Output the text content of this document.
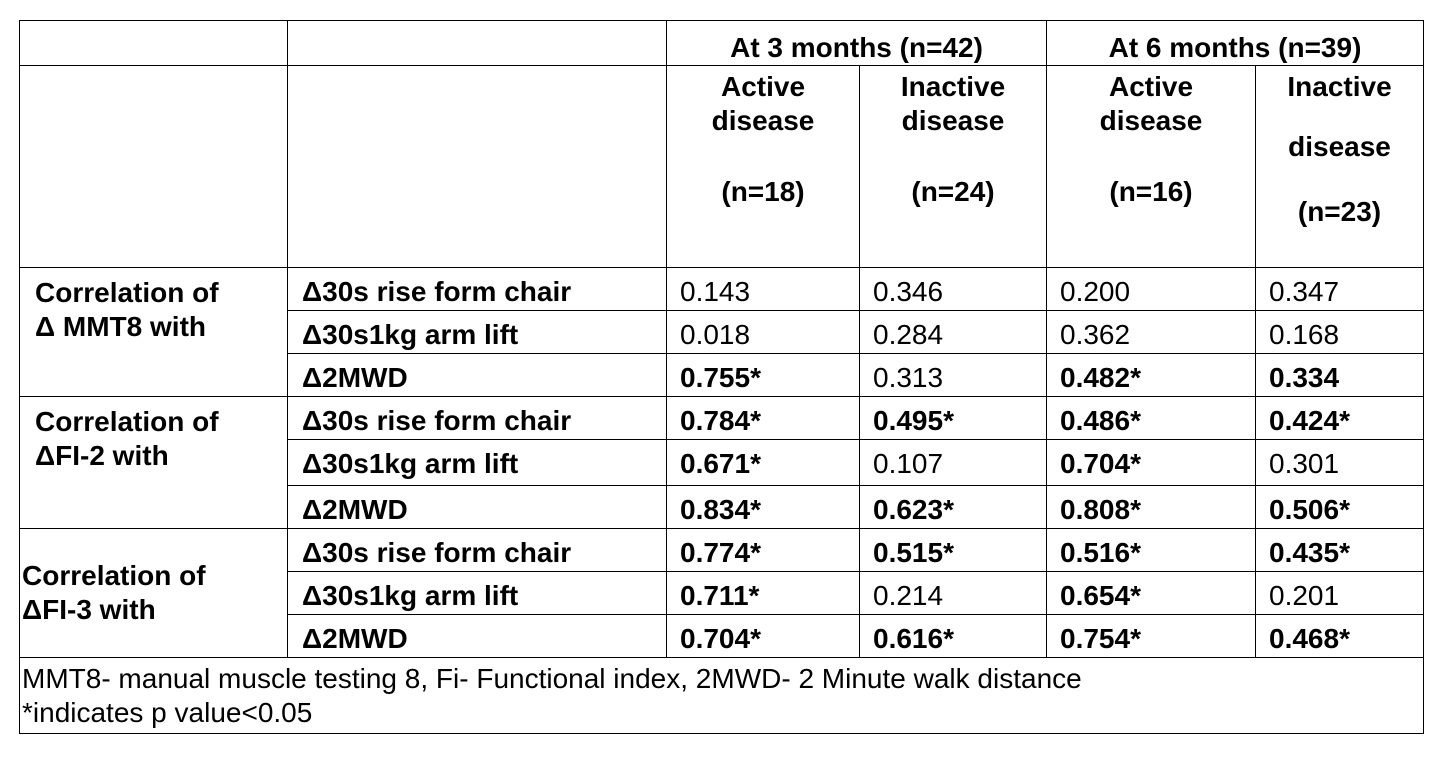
		At 3 months (n=42)		At 6 months (n=39)	

		Active
disease
(n=18)	Inactive
disease
(n=24)	Active
disease
(n=16)	Inactive
disease
(n=23)

Correlation of
Δ MMT8 with	Δ30s rise form chair	0.143	0.346	0.200	0.347
	Δ30s1kg arm lift	0.018	0.284	0.362	0.168
	Δ2MWD	0.755*	0.313	0.482*	0.334
Correlation of
ΔFI-2 with	Δ30s rise form chair	0.784*	0.495*	0.486*	0.424*
	Δ30s1kg arm lift	0.671*	0.107	0.704*	0.301
	Δ2MWD	0.834*	0.623*	0.808*	0.506*
Correlation of
ΔFI-3 with	Δ30s rise form chair	0.774*	0.515*	0.516*	0.435*
	Δ30s1kg arm lift	0.711*	0.214	0.654*	0.201
	Δ2MWD	0.704*	0.616*	0.754*	0.468*

MMT8- manual muscle testing 8, Fi- Functional index, 2MWD- 2 Minute walk distance
*indicates p value<0.05					
